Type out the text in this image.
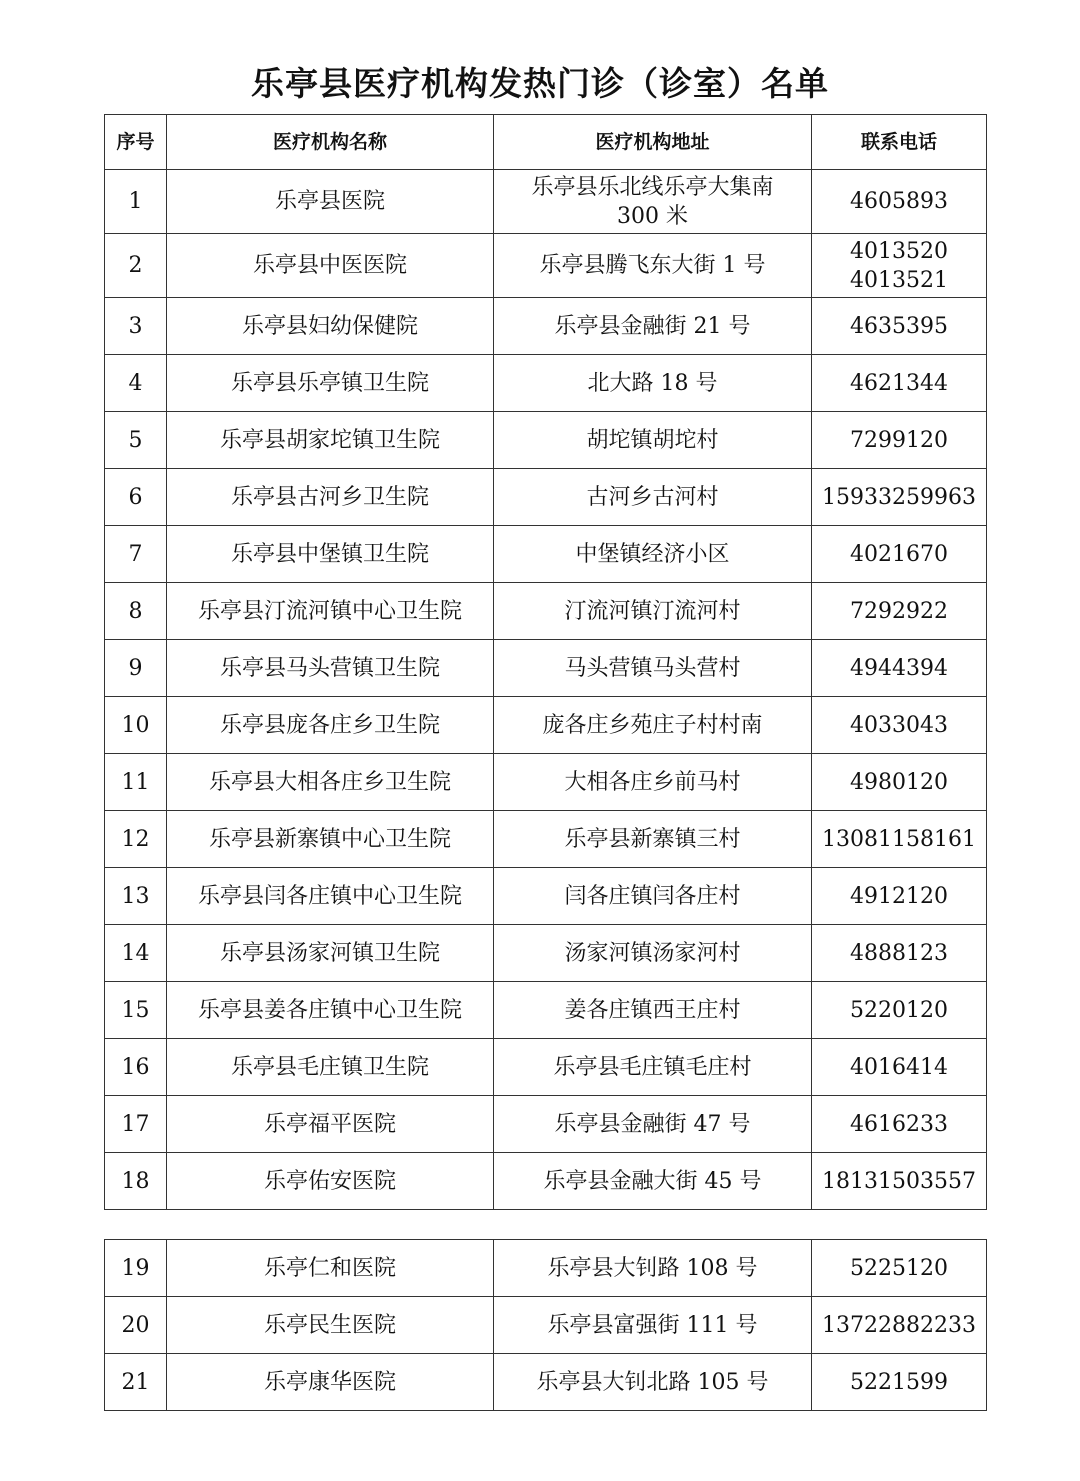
乐亭县医疗机构发热门诊（诊室）名单
序号	医疗机构名称	医疗机构地址	联系电话
1	乐亭县医院	乐亭县乐北线乐亭大集南 300 米	4605893

2	乐亭县中医医院	乐亭县腾飞东大街 1 号	4013520
4013521

3	乐亭县妇幼保健院	乐亭县金融街 21 号	4635395

4	乐亭县乐亭镇卫生院	北大路 18 号	4621344

5	乐亭县胡家坨镇卫生院	胡坨镇胡坨村	7299120

6	乐亭县古河乡卫生院	古河乡古河村	15933259963

7	乐亭县中堡镇卫生院	中堡镇经济小区	4021670

8	乐亭县汀流河镇中心卫生院	汀流河镇汀流河村	7292922

9	乐亭县马头营镇卫生院	马头营镇马头营村	4944394

10	乐亭县庞各庄乡卫生院	庞各庄乡苑庄子村村南	4033043

11	乐亭县大相各庄乡卫生院	大相各庄乡前马村	4980120

12	乐亭县新寨镇中心卫生院	乐亭县新寨镇三村	13081158161

13	乐亭县闫各庄镇中心卫生院	闫各庄镇闫各庄村	4912120

14	乐亭县汤家河镇卫生院	汤家河镇汤家河村	4888123

15	乐亭县姜各庄镇中心卫生院	姜各庄镇西王庄村	5220120

16	乐亭县毛庄镇卫生院	乐亭县毛庄镇毛庄村	4016414

17	乐亭福平医院	乐亭县金融街 47 号	4616233

18	乐亭佑安医院	乐亭县金融大街 45 号	18131503557
19	乐亭仁和医院	乐亭县大钊路 108 号	5225120

20	乐亭民生医院	乐亭县富强街 111 号	13722882233

21	乐亭康华医院	乐亭县大钊北路 105 号	5221599
